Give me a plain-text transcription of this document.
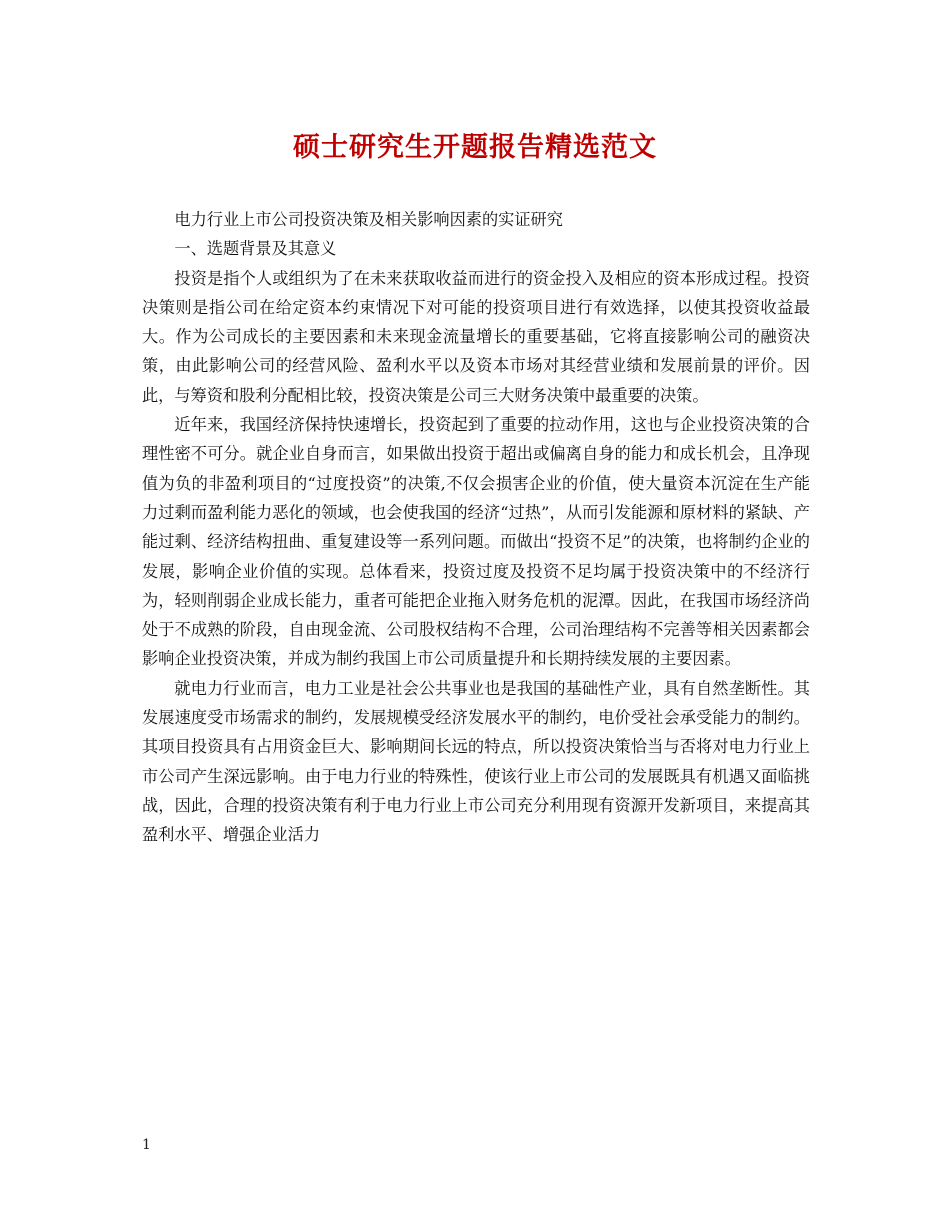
硕士研究生开题报告精选范文

电力行业上市公司投资决策及相关影响因素的实证研究

一、选题背景及其意义

投资是指个人或组织为了在未来获取收益而进行的资金投入及相应的资本形成过程。投资决策则是指公司在给定资本约束情况下对可能的投资项目进行有效选择，以使其投资收益最大。作为公司成长的主要因素和未来现金流量增长的重要基础，它将直接影响公司的融资决策，由此影响公司的经营风险、盈利水平以及资本市场对其经营业绩和发展前景的评价。因此，与筹资和股利分配相比较，投资决策是公司三大财务决策中最重要的决策。

近年来，我国经济保持快速增长，投资起到了重要的拉动作用，这也与企业投资决策的合理性密不可分。就企业自身而言，如果做出投资于超出或偏离自身的能力和成长机会，且净现值为负的非盈利项目的“过度投资”的决策,不仅会损害企业的价值，使大量资本沉淀在生产能力过剩而盈利能力恶化的领域，也会使我国的经济“过热”，从而引发能源和原材料的紧缺、产能过剩、经济结构扭曲、重复建设等一系列问题。而做出“投资不足”的决策，也将制约企业的发展，影响企业价值的实现。总体看来，投资过度及投资不足均属于投资决策中的不经济行为，轻则削弱企业成长能力，重者可能把企业拖入财务危机的泥潭。因此，在我国市场经济尚处于不成熟的阶段，自由现金流、公司股权结构不合理，公司治理结构不完善等相关因素都会影响企业投资决策，并成为制约我国上市公司质量提升和长期持续发展的主要因素。

就电力行业而言，电力工业是社会公共事业也是我国的基础性产业，具有自然垄断性。其发展速度受市场需求的制约，发展规模受经济发展水平的制约，电价受社会承受能力的制约。其项目投资具有占用资金巨大、影响期间长远的特点，所以投资决策恰当与否将对电力行业上市公司产生深远影响。由于电力行业的特殊性，使该行业上市公司的发展既具有机遇又面临挑战，因此，合理的投资决策有利于电力行业上市公司充分利用现有资源开发新项目，来提高其盈利水平、增强企业活力

1
